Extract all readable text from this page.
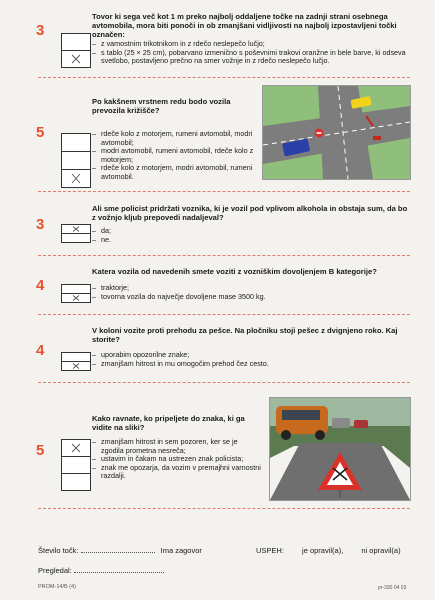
3
Tovor ki sega več kot 1 m preko najbolj oddaljene točke na zadnji strani osebnega avtomobila, mora biti ponoči in ob zmanjšani vidljivosti na najbolj izpostavljeni točki označen:
– z vamostnim trikotnikom in z rdečo neslepečo lučjo;
– s tablo (25 × 25 cm), pobarvano izmenično s poševnimi trakovi oranžne in bele barve, ki odseva svetlobo, postavljeno prečno na smer vožnje in z rdečo neslepečo lučjo.
5
Po kakšnem vrstnem redu bodo vozila prevozila križišče?
– rdeče kolo z motorjem, rumeni avtomobil, modri avtomobil;
– modri avtomobil, rumeni avtomobil, rdeče kolo z motorjem;
– rdeče kolo z motorjem, modri avtomobil, rumeni avtomobil.
3
Ali sme policist pridržati voznika, ki je vozil pod vplivom alkohola in obstaja sum, da bo z vožnjo kljub prepovedi nadaljeval?
– da;
– ne.
4
Katera vozila od navedenih smete voziti z vozniškim dovoljenjem B kategorije?
– traktorje;
– tovorna vozila do največje dovoljene mase 3500 kg.
4
V koloni vozite proti prehodu za pešce. Na pločniku stoji pešec z dvignjeno roko. Kaj storite?
– uporabim opozorilne znake;
– zmanjšam hitrost in mu omogočim prehod čez cesto.
5
Kako ravnate, ko pripeljete do znaka, ki ga vidite na sliki?
– zmanjšam hitrost in sem pozoren, ker se je zgodila prometna nesreča;
– ustavim in čakam na ustrezen znak policista;
– znak me opozarja, da vozim v premajhni varnostni razdalji.
Število točk:	Ima zagovor	USPEH: je opravil(a), ni opravil(a)
Pregledal:
PROM-14/B (4)	pr-330 04 03
